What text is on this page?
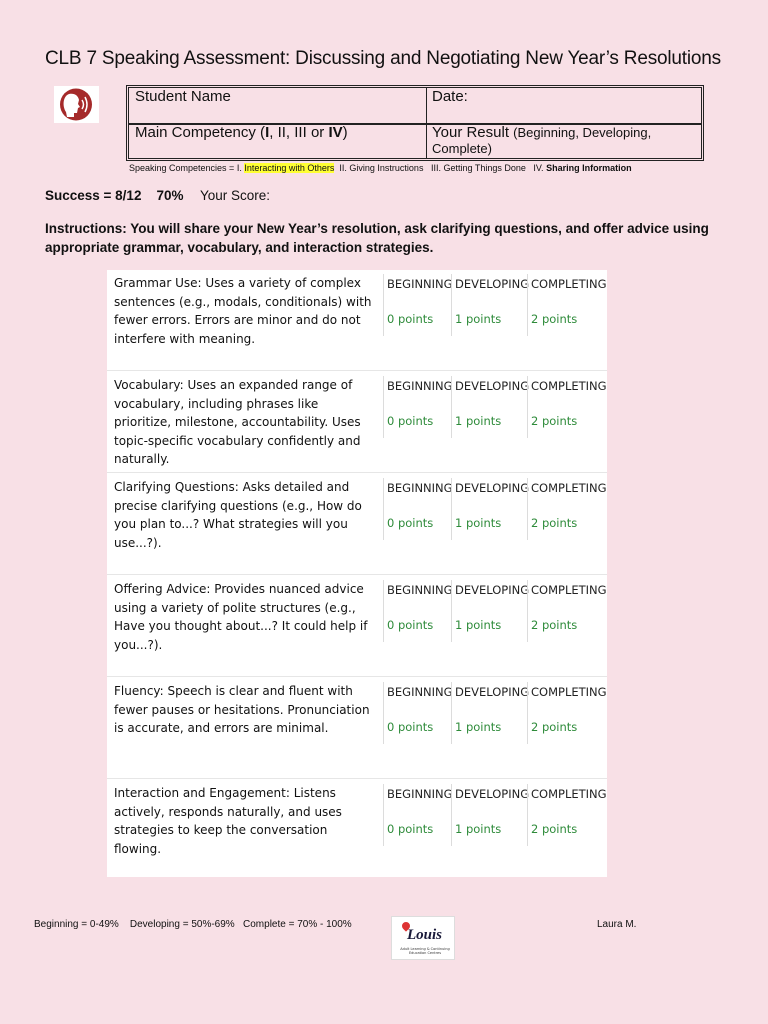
CLB 7 Speaking Assessment: Discussing and Negotiating New Year’s Resolutions
Student Name	Date:
Main Competency (I, II, III or IV)	Your Result (Beginning, Developing, Complete)
Speaking Competencies = I. Interacting with Others II. Giving Instructions III. Getting Things Done IV. Sharing Information
Success = 8/12 70% Your Score:
Instructions: You will share your New Year’s resolution, ask clarifying questions, and offer advice using appropriate grammar, vocabulary, and interaction strategies.
Grammar Use: Uses a variety of complex sentences (e.g., modals, conditionals) with fewer errors. Errors are minor and do not interfere with meaning.
BEGINNING
0 points
DEVELOPING
1 points
COMPLETING
2 points
Vocabulary: Uses an expanded range of vocabulary, including phrases like prioritize, milestone, accountability. Uses topic-specific vocabulary confidently and naturally.
BEGINNING
0 points
DEVELOPING
1 points
COMPLETING
2 points
Clarifying Questions: Asks detailed and precise clarifying questions (e.g., How do you plan to...? What strategies will you use...?).
BEGINNING
0 points
DEVELOPING
1 points
COMPLETING
2 points
Offering Advice: Provides nuanced advice using a variety of polite structures (e.g., Have you thought about...? It could help if you...?).
BEGINNING
0 points
DEVELOPING
1 points
COMPLETING
2 points
Fluency: Speech is clear and fluent with fewer pauses or hesitations. Pronunciation is accurate, and errors are minimal.
BEGINNING
0 points
DEVELOPING
1 points
COMPLETING
2 points
Interaction and Engagement: Listens actively, responds naturally, and uses strategies to keep the conversation flowing.
BEGINNING
0 points
DEVELOPING
1 points
COMPLETING
2 points
Beginning = 0-49%    Developing = 50%-69%   Complete = 70% - 100%
Louis
Adult Learning & Continuing Education Centres
Laura M.
